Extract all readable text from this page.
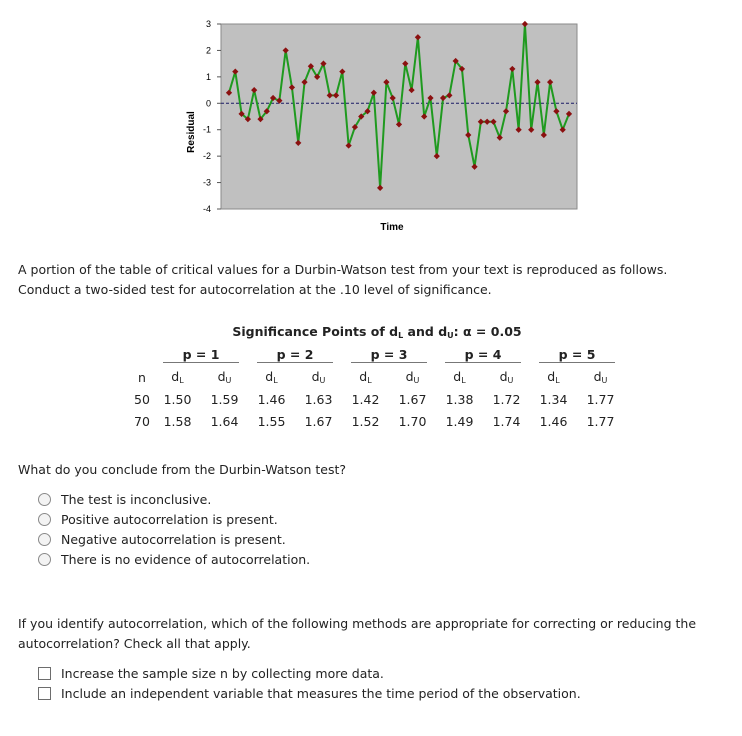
3
2
1
0
-1
-2
-3
-4
Residual
Time
A portion of the table of critical values for a Durbin-Watson test from your text is reproduced as follows. Conduct a two-sided test for autocorrelation at the .10 level of significance.
Significance Points of $d_L$ and $d_U$: α = 0.05										
	p = 1		p = 2		p = 3		p = 4		p = 5	
n	$d_L$	$d_U$	$d_L$	$d_U$	$d_L$	$d_U$	$d_L$	$d_U$	$d_L$	$d_U$
50	1.50	1.59	1.46	1.63	1.42	1.67	1.38	1.72	1.34	1.77
70	1.58	1.64	1.55	1.67	1.52	1.70	1.49	1.74	1.46	1.77
What do you conclude from the Durbin-Watson test?
The test is inconclusive.
Positive autocorrelation is present.
Negative autocorrelation is present.
There is no evidence of autocorrelation.
If you identify autocorrelation, which of the following methods are appropriate for correcting or reducing the autocorrelation? Check all that apply.
Increase the sample size n by collecting more data.
Include an independent variable that measures the time period of the observation.
